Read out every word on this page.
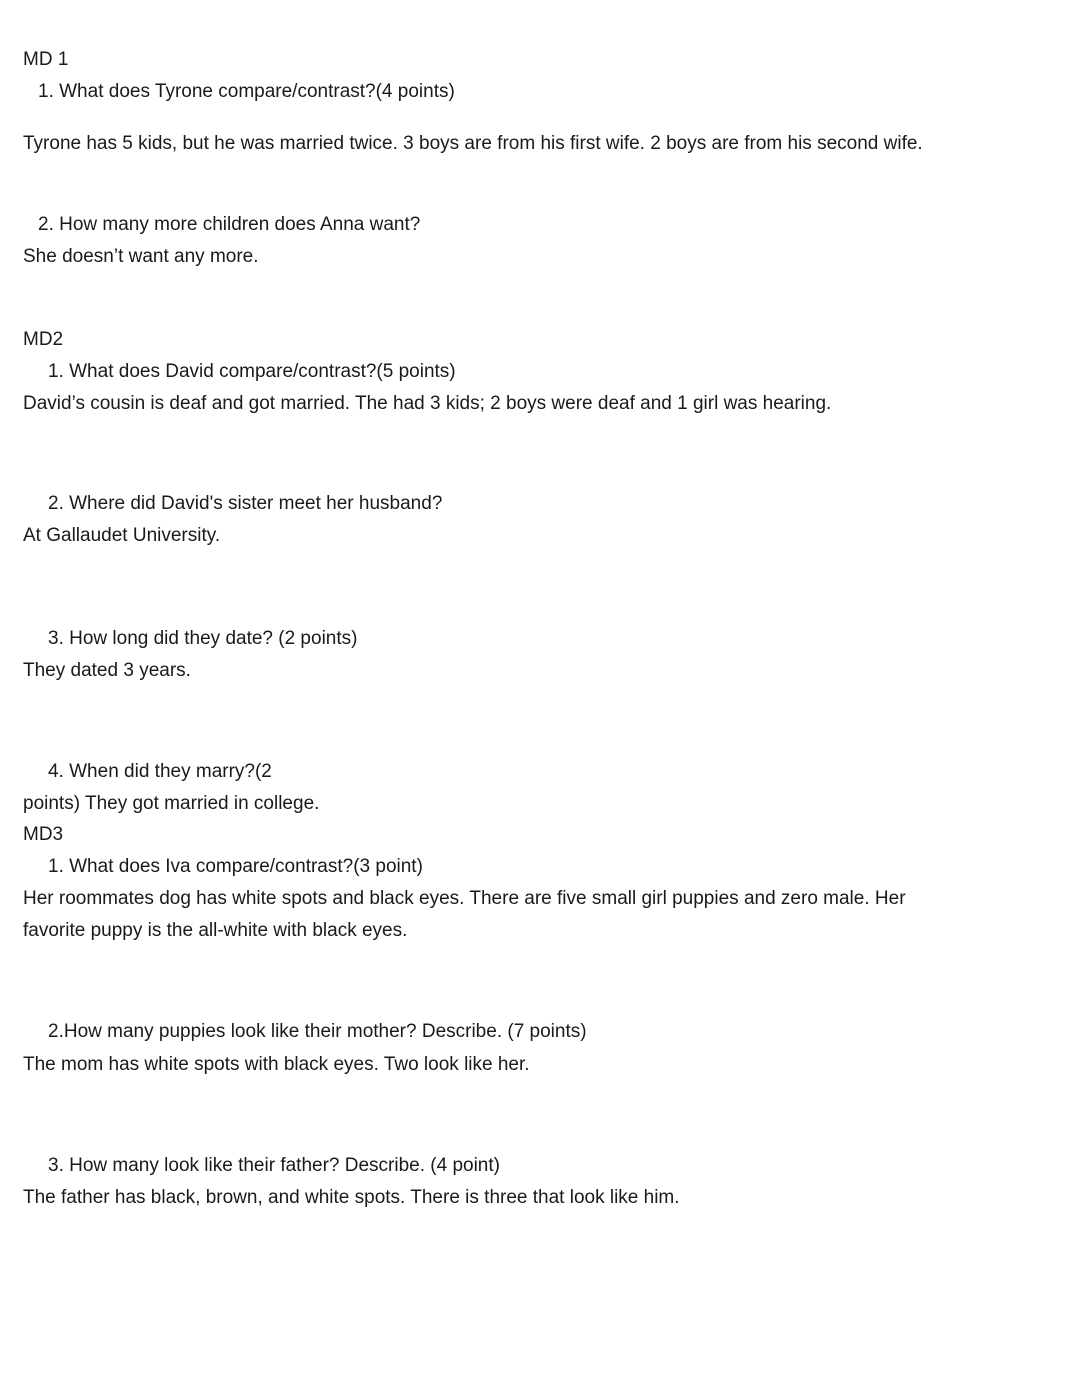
MD 1

1. What does Tyrone compare/contrast?(4 points)

Tyrone has 5 kids, but he was married twice. 3 boys are from his first wife. 2 boys are from his second wife.

2. How many more children does Anna want?

She doesn’t want any more.

MD2

1. What does David compare/contrast?(5 points)

David’s cousin is deaf and got married. The had 3 kids; 2 boys were deaf and 1 girl was hearing.

2. Where did David's sister meet her husband?

At Gallaudet University.

3. How long did they date? (2 points)

They dated 3 years.

4. When did they marry?(2

points) They got married in college.

MD3

1. What does Iva compare/contrast?(3 point)

Her roommates dog has white spots and black eyes. There are five small girl puppies and zero male. Her

favorite puppy is the all-white with black eyes.

2.How many puppies look like their mother? Describe. (7 points)

The mom has white spots with black eyes. Two look like her.

3. How many look like their father? Describe. (4 point)

The father has black, brown, and white spots. There is three that look like him.
